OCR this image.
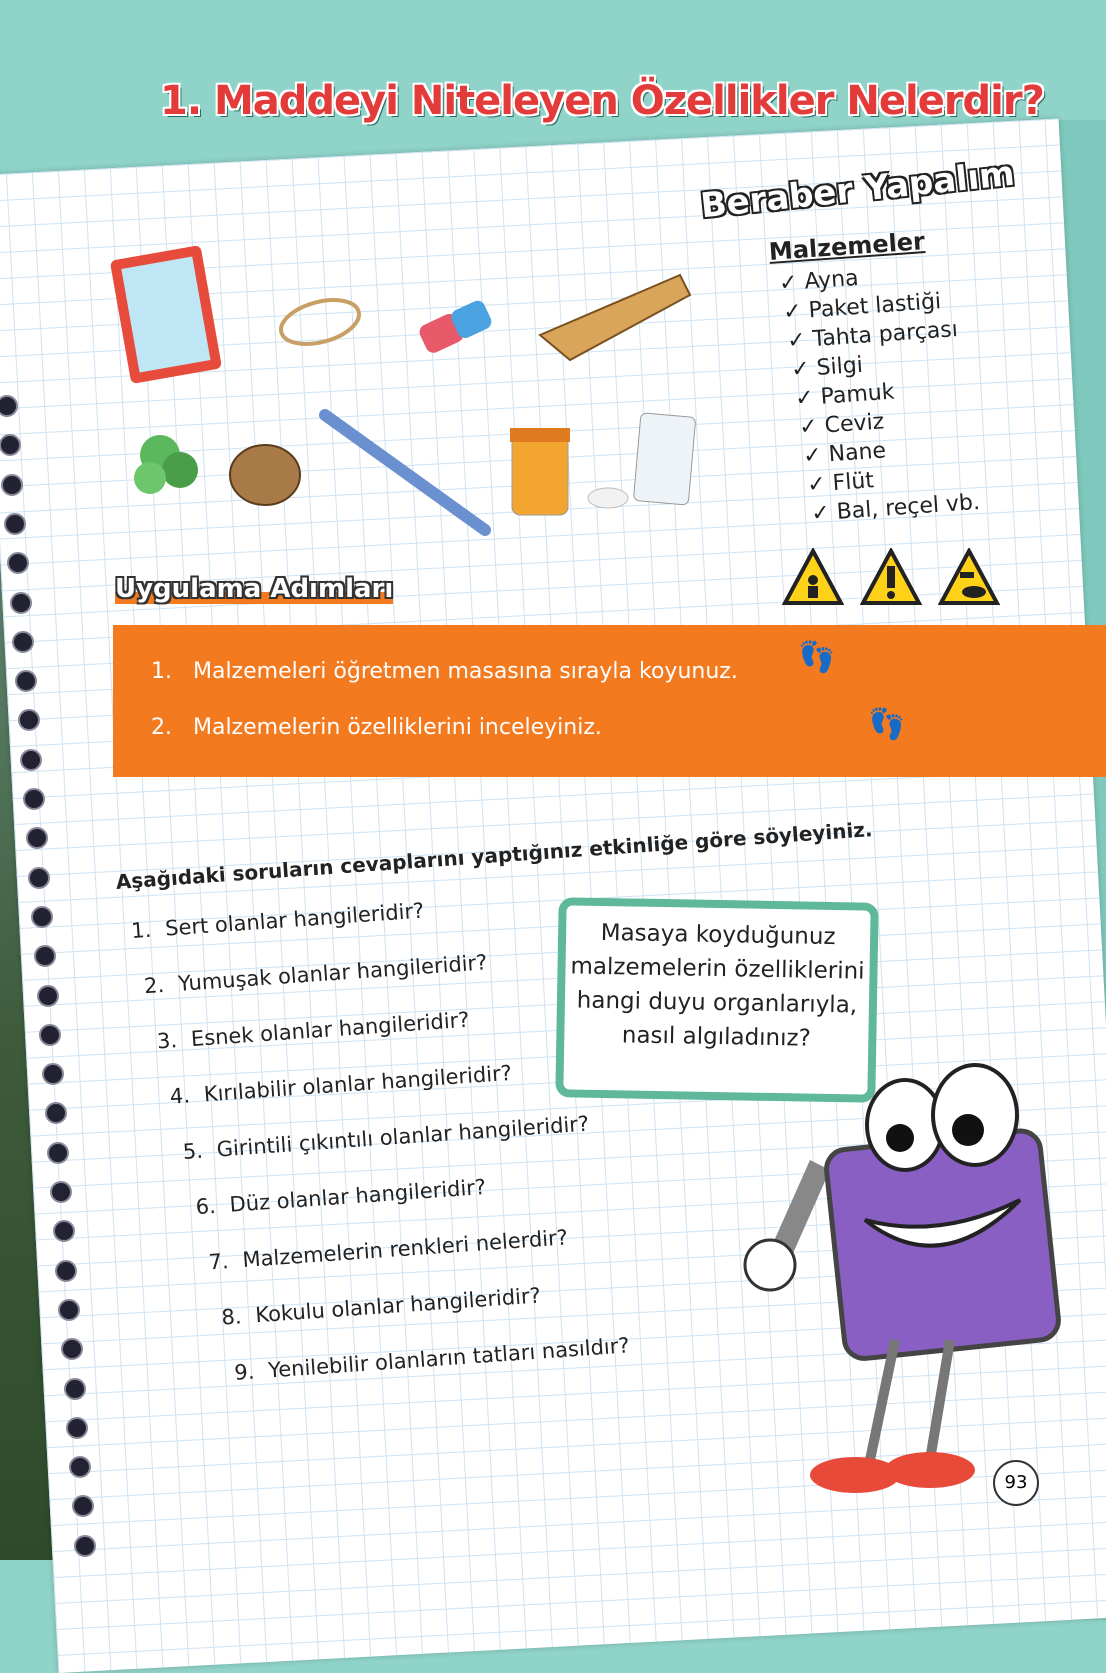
1. Maddeyi Niteleyen Özellikler Nelerdir?
Beraber Yapalım
Malzemeler
✓ Ayna
✓ Paket lastiği
✓ Tahta parçası
✓ Silgi
✓ Pamuk
✓ Ceviz
✓ Nane
✓ Flüt
✓ Bal, reçel vb.
Uygulama Adımları
1. Malzemeleri öğretmen masasına sırayla koyunuz.
2. Malzemelerin özelliklerini inceleyiniz.
👣
👣
Aşağıdaki soruların cevaplarını yaptığınız etkinliğe göre söyleyiniz.
1. Sert olanlar hangileridir?
2. Yumuşak olanlar hangileridir?
3. Esnek olanlar hangileridir?
4. Kırılabilir olanlar hangileridir?
5. Girintili çıkıntılı olanlar hangileridir?
6. Düz olanlar hangileridir?
7. Malzemelerin renkleri nelerdir?
8. Kokulu olanlar hangileridir?
9. Yenilebilir olanların tatları nasıldır?
Masaya koyduğunuz malzemelerin özelliklerini hangi duyu organlarıyla, nasıl algıladınız?
93
